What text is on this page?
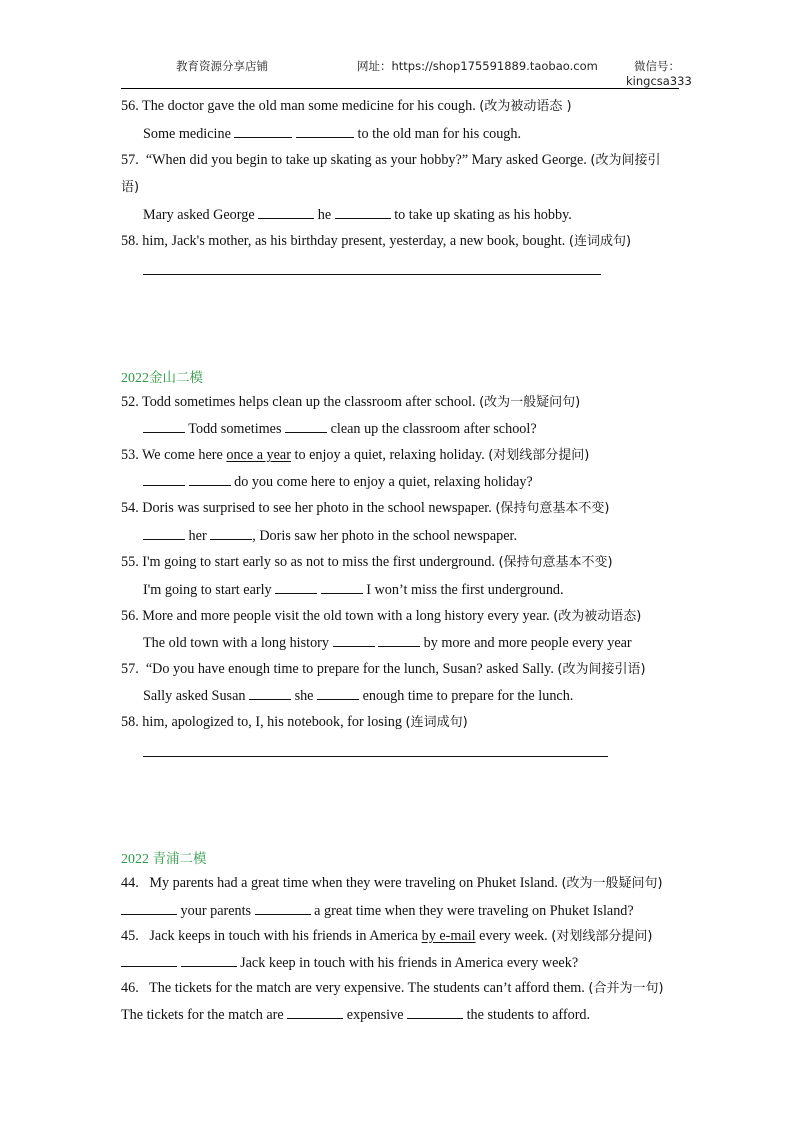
教育资源分享店铺	网址：https://shop175591889.taobao.com	微信号：
kingcsa333
56. The doctor gave the old man some medicine for his cough. (改为被动语态 )
Some medicine	to the old man for his cough.
57. “When did you begin to take up skating as your hobby?” Mary asked George. (改为间接引
语)
Mary asked George	he	to take up skating as his hobby.
58. him, Jack's mother, as his birthday present, yesterday, a new book, bought. (连词成句)
2022金山二模
52. Todd sometimes helps clean up the classroom after school. (改为一般疑问句)
Todd sometimes	clean up the classroom after school?
53. We come here once a year to enjoy a quiet, relaxing holiday. (对划线部分提问)
do you come here to enjoy a quiet, relaxing holiday?
54. Doris was surprised to see her photo in the school newspaper. (保持句意基本不变)
her	, Doris saw her photo in the school newspaper.
55. I'm going to start early so as not to miss the first underground. (保持句意基本不变)
I'm going to start early	I won’t miss the first underground.
56. More and more people visit the old town with a long history every year. (改为被动语态)
The old town with a long history	by more and more people every year
57. “Do you have enough time to prepare for the lunch, Susan? asked Sally. (改为间接引语)
Sally asked Susan	she	enough time to prepare for the lunch.
58. him, apologized to, I, his notebook, for losing (连词成句)
2022 青浦二模
44. My parents had a great time when they were traveling on Phuket Island. (改为一般疑问句)
your parents	a great time when they were traveling on Phuket Island?
45. Jack keeps in touch with his friends in America by e-mail every week. (对划线部分提问)
Jack keep in touch with his friends in America every week?
46. The tickets for the match are very expensive. The students can’t afford them. (合并为一句)
The tickets for the match are	expensive	the students to afford.
